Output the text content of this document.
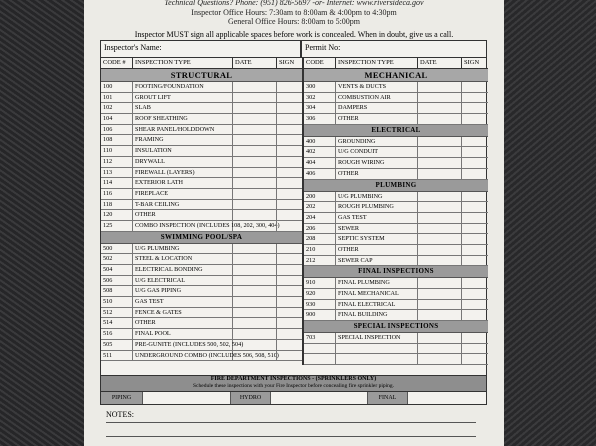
Technical Questions? Phone: (951) 826-5697 -or- Internet: www.riversideca.gov
Inspector Office Hours: 7:30am to 8:00am & 4:00pm to 4:30pm
General Office Hours: 8:00am to 5:00pm
Inspector MUST sign all applicable spaces before work is concealed. When in doubt, give us a call.
Inspector's Name:	Permit No:
CODE #	INSPECTION TYPE	DATE	SIGN
STRUCTURAL
100	FOOTING/FOUNDATION
101	GROUT LIFT
102	SLAB
104	ROOF SHEATHING
106	SHEAR PANEL/HOLDDOWN
108	FRAMING
110	INSULATION
112	DRYWALL
113	FIREWALL (LAYERS)
114	EXTERIOR LATH
116	FIREPLACE
118	T-BAR CEILING
120	OTHER
125	COMBO INSPECTION (INCLUDES 108, 202, 300, 404)
SWIMMING POOL/SPA
500	U/G PLUMBING
502	STEEL & LOCATION
504	ELECTRICAL BONDING
506	U/G ELECTRICAL
508	U/G GAS PIPING
510	GAS TEST
512	FENCE & GATES
514	OTHER
516	FINAL POOL
505	PRE-GUNITE (INCLUDES 500, 502, 504)
511	UNDERGROUND COMBO (INCLUDES 506, 508, 510)
CODE	INSPECTION TYPE	DATE	SIGN
MECHANICAL
300	VENTS & DUCTS
302	COMBUSTION AIR
304	DAMPERS
306	OTHER
ELECTRICAL
400	GROUNDING
402	U/G CONDUIT
404	ROUGH WIRING
406	OTHER
PLUMBING
200	U/G PLUMBING
202	ROUGH PLUMBING
204	GAS TEST
206	SEWER
208	SEPTIC SYSTEM
210	OTHER
212	SEWER CAP
FINAL INSPECTIONS
910	FINAL PLUMBING
920	FINAL MECHANICAL
930	FINAL ELECTRICAL
900	FINAL BUILDING
SPECIAL INSPECTIONS
703	SPECIAL INSPECTION
FIRE DEPARTMENT INSPECTIONS - (SPRINKLERS ONLY)
Schedule these inspections with your Fire Inspector before concealing fire sprinkler piping.
PIPING	HYDRO	FINAL
NOTES:
